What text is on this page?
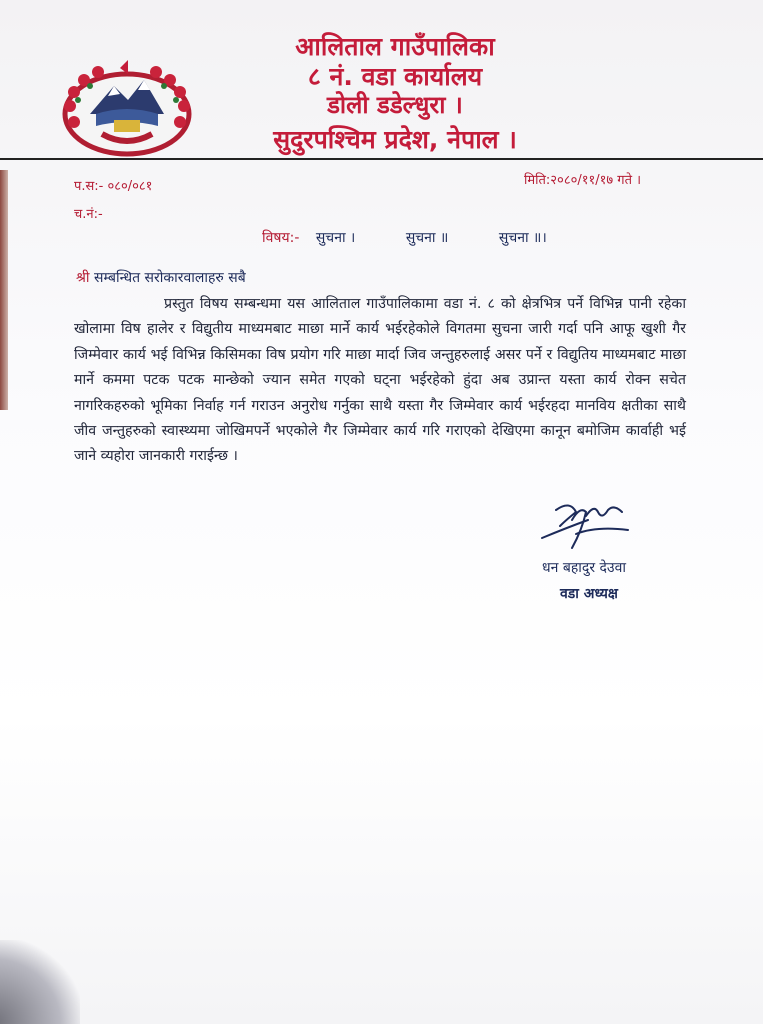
आलिताल गाउँपालिका
८ नं. वडा कार्यालय
डोली डडेल्धुरा ।
सुदुरपश्चिम प्रदेश, नेपाल ।
प.स:- ०८०/०८१	मिति:२०८०/११/१७ गते ।
च.नं:-
विषय:- सुचना ।	सुचना ॥	सुचना ॥।
श्री सम्बन्धित सरोकारवालाहरु सबै
प्रस्तुत विषय सम्बन्धमा यस आलिताल गाउँपालिकामा वडा नं. ८ को क्षेत्रभित्र पर्ने विभिन्न पानी रहेका खोलामा विष हालेर र विद्युतीय माध्यमबाट माछा मार्ने कार्य भईरहेकोले विगतमा सुचना जारी गर्दा पनि आफू खुशी गैर जिम्मेवार कार्य भई विभिन्न किसिमका विष प्रयोग गरि माछा मार्दा जिव जन्तुहरुलाई असर पर्ने र विद्युतिय माध्यमबाट माछा मार्ने कममा पटक पटक मान्छेको ज्यान समेत गएको घट्ना भईरहेको हुंदा अब उप्रान्त यस्ता कार्य रोक्न सचेत नागरिकहरुको भूमिका निर्वाह गर्न गराउन अनुरोध गर्नुका साथै यस्ता गैर जिम्मेवार कार्य भईरहदा मानविय क्षतीका साथै जीव जन्तुहरुको स्वास्थ्यमा जोखिमपर्ने भएकोले गैर जिम्मेवार कार्य गरि गराएको देखिएमा कानून बमोजिम कार्वाही भई जाने व्यहोरा जानकारी गराईन्छ ।
धन बहादुर देउवा
वडा अध्यक्ष
